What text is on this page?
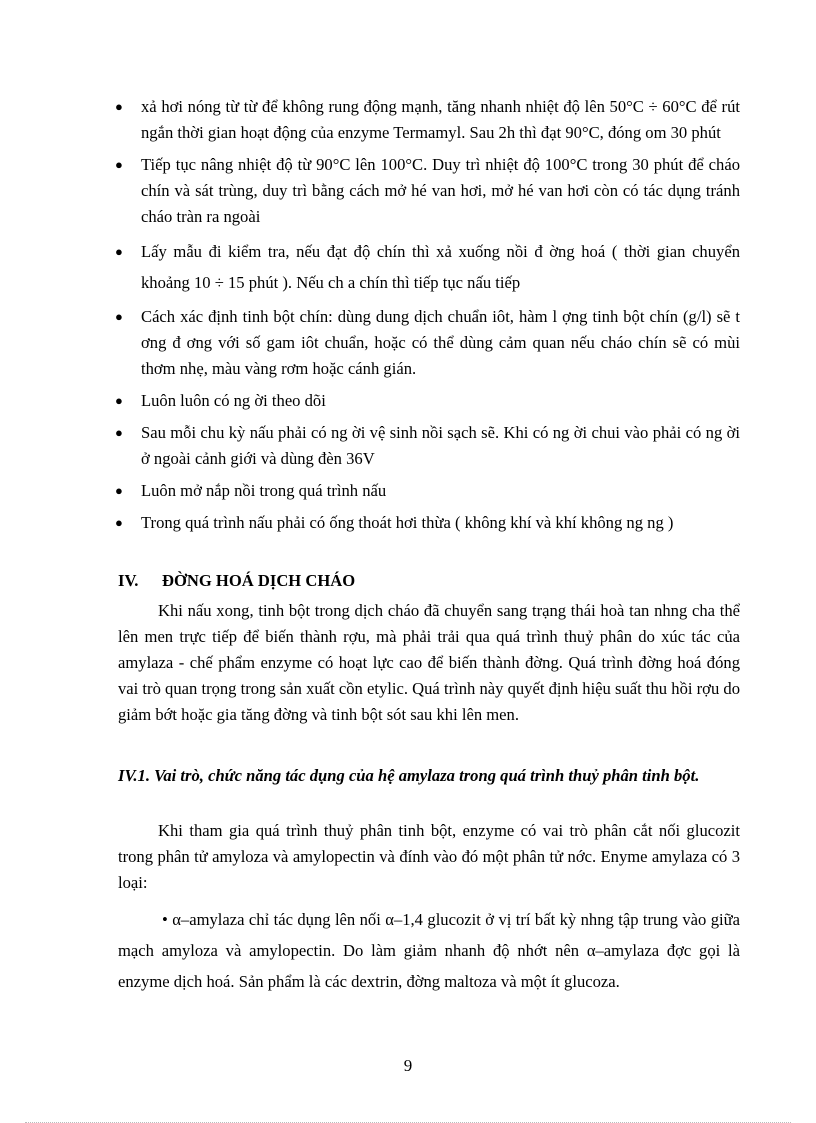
● xả hơi nóng từ từ để không rung động mạnh, tăng nhanh nhiệt độ lên 50°C ÷ 60°C để rút ngắn thời gian hoạt động của enzyme Termamyl. Sau 2h thì đạt 90°C, đóng om 30 phút
● Tiếp tục nâng nhiệt độ từ 90°C lên 100°C. Duy trì nhiệt độ 100°C trong 30 phút để cháo chín và sát trùng, duy trì bằng cách mở hé van hơi, mở hé van hơi còn có tác dụng tránh cháo tràn ra ngoài
● Lấy mẫu đi kiểm tra, nếu đạt độ chín thì xả xuống nồi đ ờng hoá ( thời gian chuyển khoảng 10 ÷ 15 phút ). Nếu ch a chín thì tiếp tục nấu tiếp
● Cách xác định tinh bột chín: dùng dung dịch chuẩn iôt, hàm l ợng tinh bột chín (g/l) sẽ t ơng đ ơng với số gam iôt chuẩn, hoặc có thể dùng cảm quan nếu cháo chín sẽ có mùi thơm nhẹ, màu vàng rơm hoặc cánh gián.
● Luôn luôn có ng ời theo dõi
● Sau mỗi chu kỳ nấu phải có ng ời vệ sinh nồi sạch sẽ. Khi có ng ời chui vào phải có ng ời ở ngoài cảnh giới và dùng đèn 36V
● Luôn mở nắp nồi trong quá trình nấu
● Trong quá trình nấu phải có ống thoát hơi thừa ( không khí và khí không ng ng )
IV. ĐỜNG HOÁ DỊCH CHÁO

Khi nấu xong, tinh bột trong dịch cháo đã chuyển sang trạng thái hoà tan nhng cha thể lên men trực tiếp để biến thành rợu, mà phải trải qua quá trình thuỷ phân do xúc tác của amylaza - chế phẩm enzyme có hoạt lực cao để biến thành đờng. Quá trình đờng hoá đóng vai trò quan trọng trong sản xuất cồn etylic. Quá trình này quyết định hiệu suất thu hồi rợu do giảm bớt hoặc gia tăng đờng và tinh bột sót sau khi lên men.

IV.1. Vai trò, chức năng tác dụng của hệ amylaza trong quá trình thuỷ phân tinh bột.

Khi tham gia quá trình thuỷ phân tinh bột, enzyme có vai trò phân cắt nối glucozit trong phân tử amyloza và amylopectin và đính vào đó một phân tử nớc. Enyme amylaza có 3 loại:

• α–amylaza chỉ tác dụng lên nối α–1,4 glucozit ở vị trí bất kỳ nhng tập trung vào giữa mạch amyloza và amylopectin. Do làm giảm nhanh độ nhớt nên α–amylaza đợc gọi là enzyme dịch hoá. Sản phẩm là các dextrin, đờng maltoza và một ít glucoza.
9
